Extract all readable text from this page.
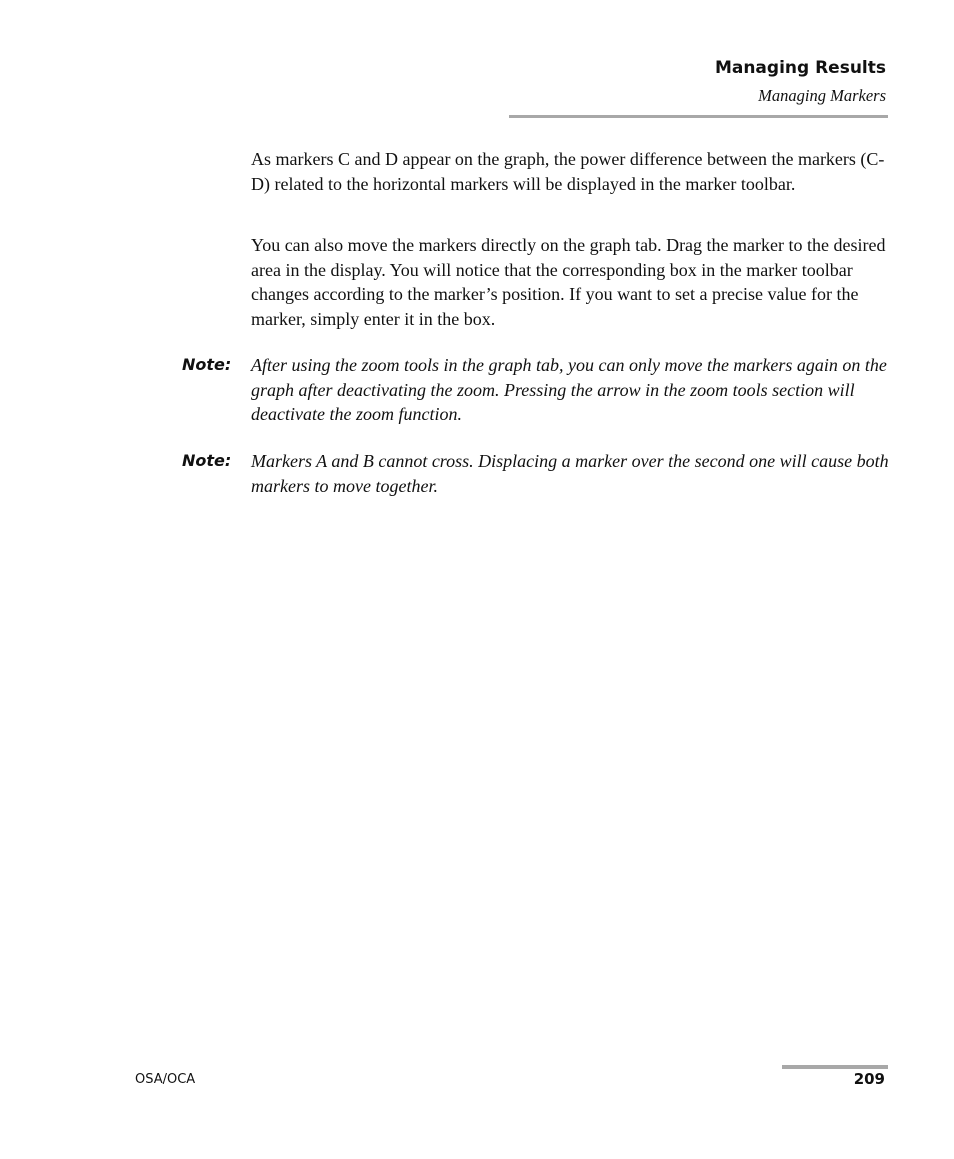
Managing Results
Managing Markers

As markers C and D appear on the graph, the power difference between the markers (C-D) related to the horizontal markers will be displayed in the marker toolbar.

You can also move the markers directly on the graph tab. Drag the marker to the desired area in the display. You will notice that the corresponding box in the marker toolbar changes according to the marker’s position. If you want to set a precise value for the marker, simply enter it in the box.

Note: After using the zoom tools in the graph tab, you can only move the markers again on the graph after deactivating the zoom. Pressing the arrow in the zoom tools section will deactivate the zoom function.

Note: Markers A and B cannot cross. Displacing a marker over the second one will cause both markers to move together.

OSA/OCA	209
